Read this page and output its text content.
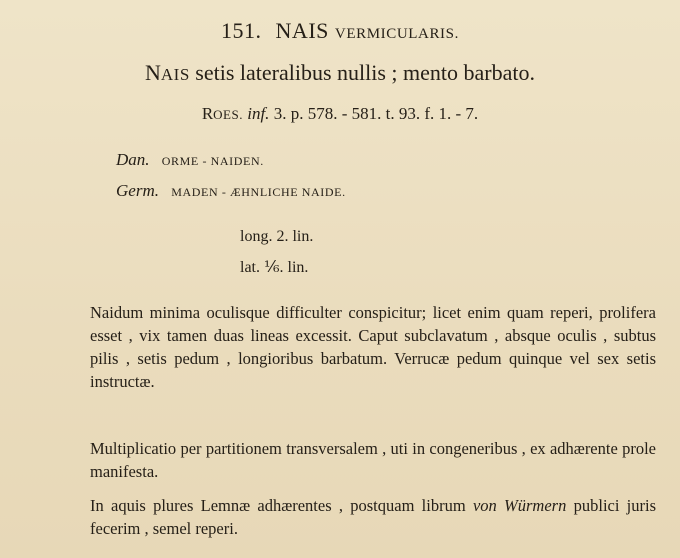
151. NAIS VERMICULARIS.
NAIS setis lateralibus nullis ; mento barbato.
ROES. inf. 3. p. 578. - 581. t. 93. f. 1. - 7.
Dan. ORME - NAIDEN.
Germ. MADEN - ÆHNLICHE NAIDE.
long. 2. lin.
lat. ⅙. lin.
Naidum minima oculisque difficulter conspicitur; licet enim quam reperi, prolifera esset , vix tamen duas lineas excessit. Caput subclavatum , absque oculis , subtus pilis , setis pedum , longioribus barbatum. Verrucæ pedum quinque vel sex setis instructæ.
Multiplicatio per partitionem transversalem , uti in congeneribus , ex adhærente prole manifesta.
In aquis plures Lemnæ adhærentes , postquam librum von Würmern publici juris fecerim , semel reperi.
